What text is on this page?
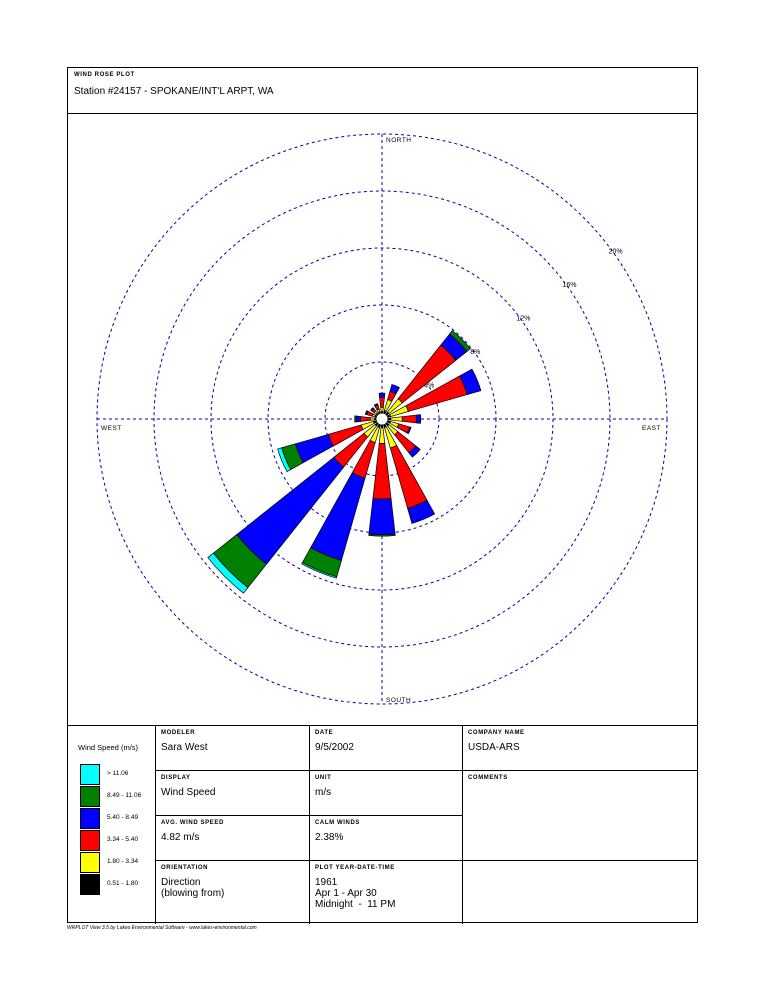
WIND ROSE PLOT
Station #24157 - SPOKANE/INT'L ARPT, WA
4%
8%
12%
16%
20%
NORTH
SOUTH
WEST	EAST
Wind Speed (m/s)
> 11.06
8.49 - 11.06
5.40 - 8.49
3.34 - 5.40
1.80 - 3.34
0.51 - 1.80
MODELER
Sara West
DATE
9/5/2002
COMPANY NAME
USDA-ARS
DISPLAY
Wind Speed
UNIT
m/s
COMMENTS
AVG. WIND SPEED
4.82 m/s
CALM WINDS
2.38%
ORIENTATION
Direction
(blowing from)
PLOT YEAR-DATE-TIME
1961
Apr 1 - Apr 30
Midnight  -  11 PM
WRPLOT View 3.5 by Lakes Environmental Software - www.lakes-environmental.com
